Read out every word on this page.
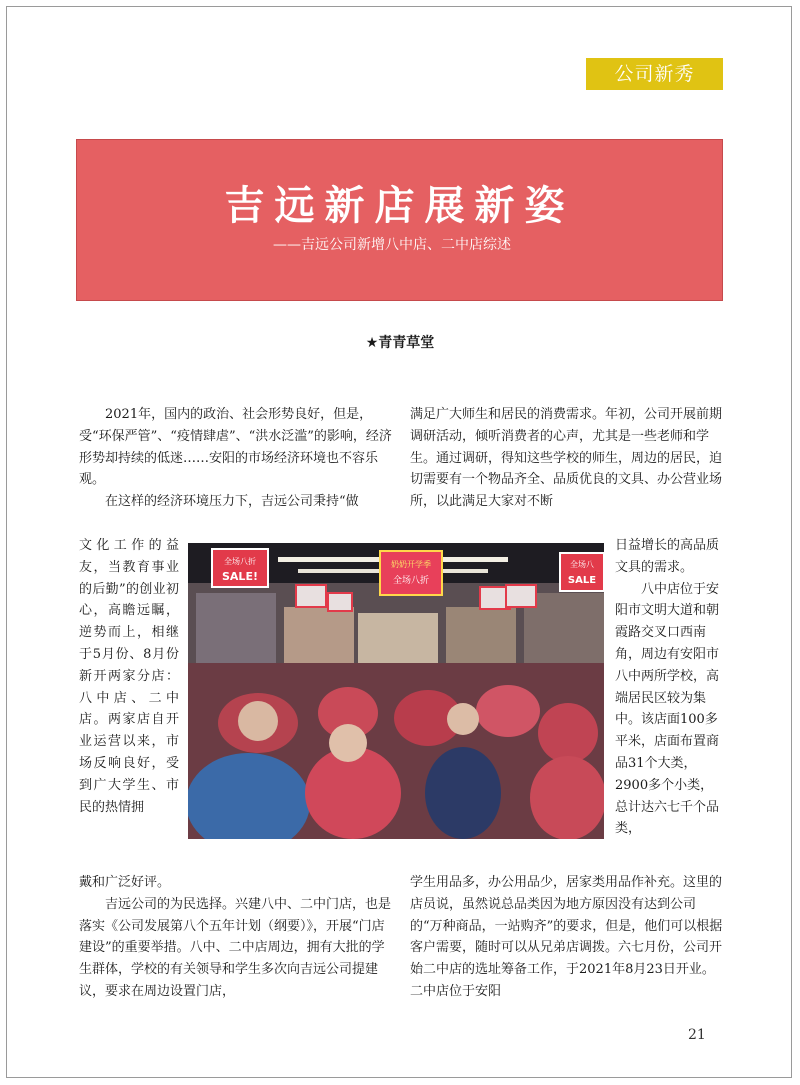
公司新秀
吉远新店展新姿
——吉远公司新增八中店、二中店综述
★青青草堂

2021年，国内的政治、社会形势良好，但是，受“环保严管”、“疫情肆虐”、“洪水泛滥”的影响，经济形势却持续的低迷……安阳的市场经济环境也不容乐观。

在这样的经济环境压力下，吉远公司秉持“做

文化工作的益友，当教育事业的后勤”的创业初心，高瞻远瞩，逆势而上，相继于5月份、8月份新开两家分店：八中店、二中店。两家店自开业运营以来，市场反响良好，受到广大学生、市民的热情拥

戴和广泛好评。

吉远公司的为民选择。兴建八中、二中门店，也是落实《公司发展第八个五年计划（纲要）》，开展“门店建设”的重要举措。八中、二中店周边，拥有大批的学生群体，学校的有关领导和学生多次向吉远公司提建议，要求在周边设置门店，

满足广大师生和居民的消费需求。年初，公司开展前期调研活动，倾听消费者的心声，尤其是一些老师和学生。通过调研，得知这些学校的师生，周边的居民，迫切需要有一个物品齐全、品质优良的文具、办公营业场所，以此满足大家对不断

日益增长的高品质文具的需求。

八中店位于安阳市文明大道和朝霞路交叉口西南角，周边有安阳市八中两所学校，高端居民区较为集中。该店面100多平米，店面布置商品31个大类，2900多个小类，总计达六七千个品类，

学生用品多，办公用品少，居家类用品作补充。这里的店员说，虽然说总品类因为地方原因没有达到公司的“万种商品，一站购齐”的要求，但是，他们可以根据客户需要，随时可以从兄弟店调拨。六七月份，公司开始二中店的选址筹备工作，于2021年8月23日开业。二中店位于安阳

全场八折
SALE!
奶奶开学季
全场八折
全场八
SALE
21
